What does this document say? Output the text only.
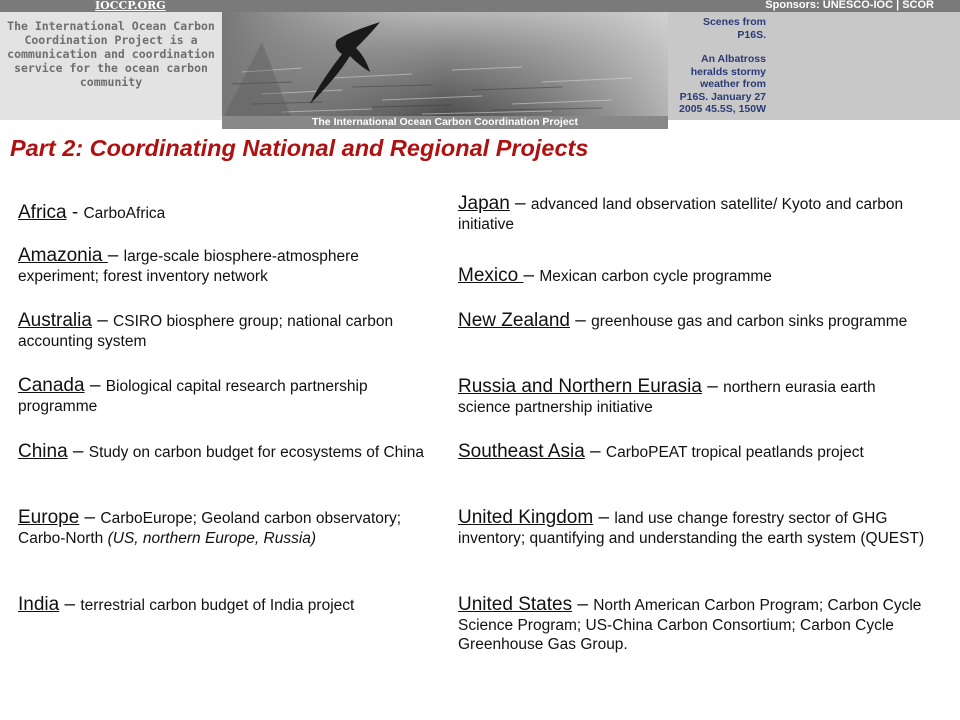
IOCCP.ORG	Sponsors: UNESCO-IOC | SCOR
The International Ocean Carbon Coordination Project is a communication and coordination service for the ocean carbon community
Scenes from P16S.
An Albatross heralds stormy weather from P16S. January 27 2005 45.5S, 150W
The International Ocean Carbon Coordination Project
Part 2: Coordinating National and Regional Projects
Africa - CarboAfrica
Amazonia – large-scale biosphere-atmosphere experiment; forest inventory network
Australia – CSIRO biosphere group; national carbon accounting system
Canada – Biological capital research partnership programme
China – Study on carbon budget for ecosystems of China
Europe – CarboEurope; Geoland carbon observatory; Carbo-North (US, northern Europe, Russia)
India – terrestrial carbon budget of India project
Japan – advanced land observation satellite/ Kyoto and carbon initiative
Mexico – Mexican carbon cycle programme
New Zealand – greenhouse gas and carbon sinks programme
Russia and Northern Eurasia – northern eurasia earth science partnership initiative
Southeast Asia – CarboPEAT tropical peatlands project
United Kingdom – land use change forestry sector of GHG inventory; quantifying and understanding the earth system (QUEST)
United States – North American Carbon Program; Carbon Cycle Science Program; US-China Carbon Consortium; Carbon Cycle Greenhouse Gas Group.
